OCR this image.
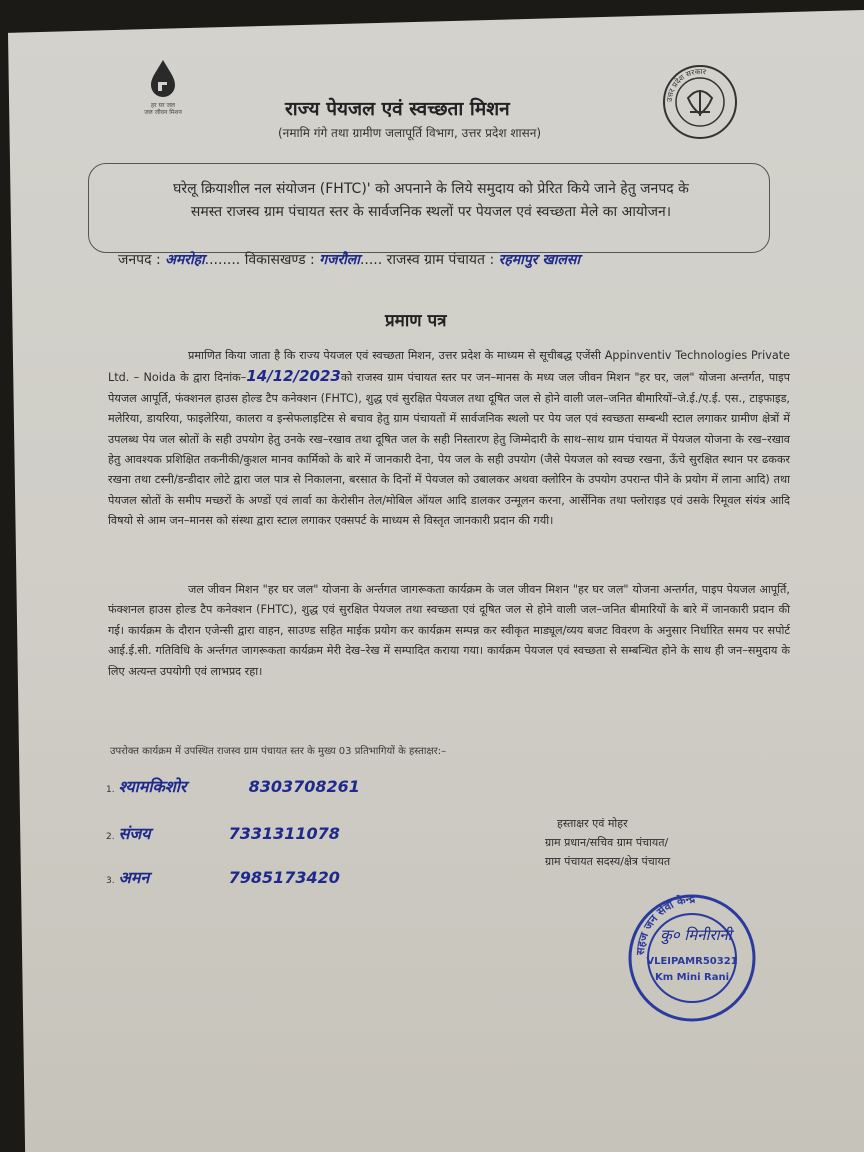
हर घर जल
जल जीवन मिशन
उत्तर प्रदेश सरकार
राज्य पेयजल एवं स्वच्छता मिशन
(नमामि गंगे तथा ग्रामीण जलापूर्ति विभाग, उत्तर प्रदेश शासन)
घरेलू क्रियाशील नल संयोजन (FHTC)' को अपनाने के लिये समुदाय को प्रेरित किये जाने हेतु जनपद के
समस्त राजस्व ग्राम पंचायत स्तर के सार्वजनिक स्थलों पर पेयजल एवं स्वच्छता मेले का आयोजन।
जनपद : अमरोहा........ विकासखण्ड : गजरौला..... राजस्व ग्राम पंचायत : रहमापुर खालसा
प्रमाण पत्र
प्रमाणित किया जाता है कि राज्य पेयजल एवं स्वच्छता मिशन, उत्तर प्रदेश के माध्यम से सूचीबद्ध एजेंसी Appinventiv Technologies Private Ltd. – Noida के द्वारा दिनांक–14/12/2023को राजस्व ग्राम पंचायत स्तर पर जन–मानस के मध्य जल जीवन मिशन "हर घर, जल" योजना अन्तर्गत, पाइप पेयजल आपूर्ति, फंक्शनल हाउस होल्ड टैप कनेक्शन (FHTC), शुद्ध एवं सुरक्षित पेयजल तथा दूषित जल से होने वाली जल–जनित बीमारियों–जे.ई./ए.ई. एस., टाइफाइड, मलेरिया, डायरिया, फाइलेरिया, कालरा व इन्सेफलाइटिस से बचाव हेतु ग्राम पंचायतों में सार्वजनिक स्थलो पर पेय जल एवं स्वच्छता सम्बन्धी स्टाल लगाकर ग्रामीण क्षेत्रों में उपलब्ध पेय जल स्रोतों के सही उपयोग हेतु उनके रख–रखाव तथा दूषित जल के सही निस्तारण हेतु जिम्मेदारी के साथ–साथ ग्राम पंचायत में पेयजल योजना के रख–रखाव हेतु आवश्यक प्रशिक्षित तकनीकी/कुशल मानव कार्मिको के बारे में जानकारी देना, पेय जल के सही उपयोग (जैसे पेयजल को स्वच्छ रखना, ऊँचे सुरक्षित स्थान पर ढककर रखना तथा टस्नी/डन्डीदार लोटे द्वारा जल पात्र से निकालना, बरसात के दिनों में पेयजल को उबालकर अथवा क्लोरिन के उपयोग उपरान्त पीने के प्रयोग में लाना आदि) तथा पेयजल स्रोतों के समीप मच्छरों के अण्डों एवं लार्वा का केरोसीन तेल/मोबिल ऑयल आदि डालकर उन्मूलन करना, आर्सेनिक तथा फ्लोराइड एवं उसके रिमूवल संयंत्र आदि विषयो से आम जन–मानस को संस्था द्वारा स्टाल लगाकर एक्सपर्ट के माध्यम से विस्तृत जानकारी प्रदान की गयी।
जल जीवन मिशन "हर घर जल" योजना के अर्न्तगत जागरूकता कार्यक्रम के जल जीवन मिशन "हर घर जल" योजना अन्तर्गत, पाइप पेयजल आपूर्ति, फंक्शनल हाउस होल्ड टैप कनेक्शन (FHTC), शुद्ध एवं सुरक्षित पेयजल तथा स्वच्छता एवं दूषित जल से होने वाली जल–जनित बीमारियों के बारे में जानकारी प्रदान की गई। कार्यक्रम के दौरान एजेन्सी द्वारा वाहन, साउण्ड सहित माईक प्रयोग कर कार्यक्रम सम्पन्न कर स्वीकृत माड्यूल/व्यय बजट विवरण के अनुसार निर्धारित समय पर सपोर्ट आई.ई.सी. गतिविधि के अर्न्तगत जागरूकता कार्यक्रम मेरी देख–रेख में सम्पादित कराया गया। कार्यक्रम पेयजल एवं स्वच्छता से सम्बन्धित होने के साथ ही जन–समुदाय के लिए अत्यन्त उपयोगी एवं लाभप्रद रहा।
उपरोक्त कार्यक्रम में उपस्थित राजस्व ग्राम पंचायत स्तर के मुख्य 03 प्रतिभागियों के हस्ताक्षर:–
1. श्यामकिशोर	8303708261
2. संजय	7331311078
3. अमन	7985173420
हस्ताक्षर एवं मोहर
ग्राम प्रधान/सचिव ग्राम पंचायत/
ग्राम पंचायत सदस्य/क्षेत्र पंचायत
सहज जन सेवा केन्द्र
VLEIPAMR50321
Km Mini Rani
कु० मिनीरानी
